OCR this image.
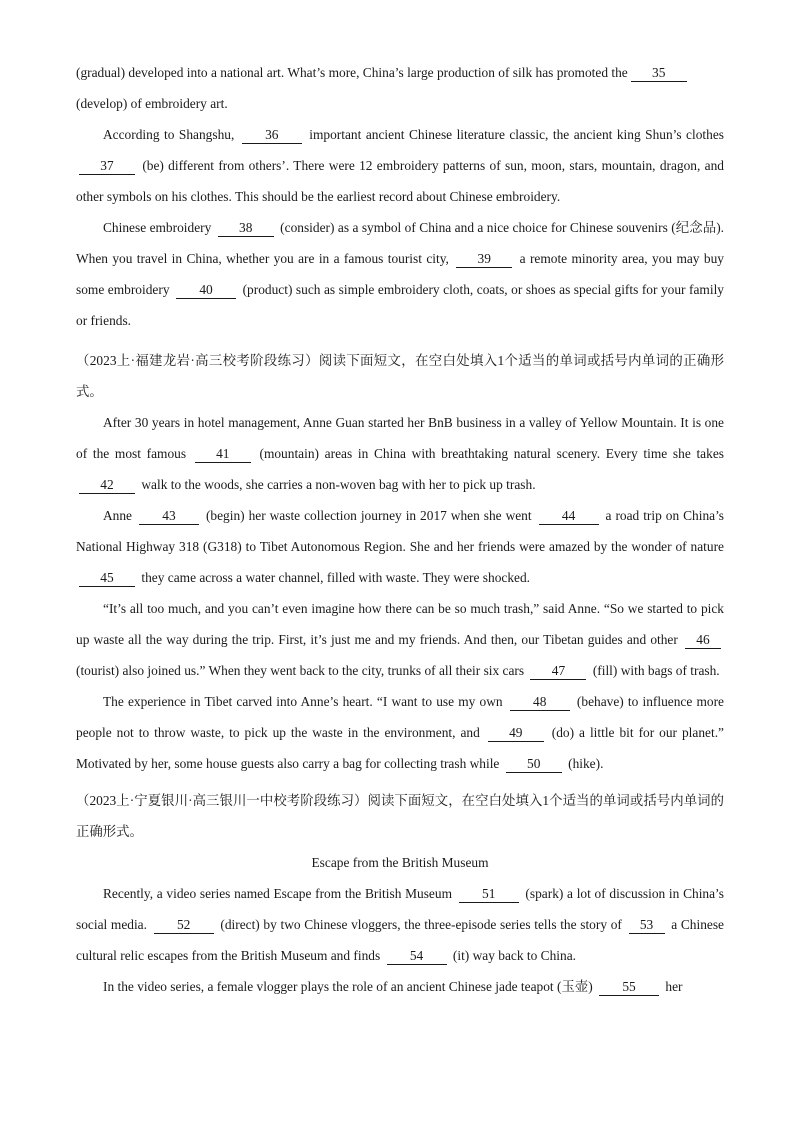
(gradual) developed into a national art. What’s more, China’s large production of silk has promoted the 35
(develop) of embroidery art.

According to Shangshu, 36 important ancient Chinese literature classic, the ancient king Shun’s clothes 37 (be) different from others’. There were 12 embroidery patterns of sun, moon, stars, mountain, dragon, and other symbols on his clothes. This should be the earliest record about Chinese embroidery.

Chinese embroidery 38 (consider) as a symbol of China and a nice choice for Chinese souvenirs (纪念品). When you travel in China, whether you are in a famous tourist city, 39 a remote minority area, you may buy some embroidery 40 (product) such as simple embroidery cloth, coats, or shoes as special gifts for your family or friends.

（2023上·福建龙岩·高三校考阶段练习）阅读下面短文，在空白处填入1个适当的单词或括号内单词的正确形式。

After 30 years in hotel management, Anne Guan started her BnB business in a valley of Yellow Mountain. It is one of the most famous 41 (mountain) areas in China with breathtaking natural scenery. Every time she takes 42 walk to the woods, she carries a non-woven bag with her to pick up trash.

Anne 43 (begin) her waste collection journey in 2017 when she went 44 a road trip on China’s National Highway 318 (G318) to Tibet Autonomous Region. She and her friends were amazed by the wonder of nature 45 they came across a water channel, filled with waste. They were shocked.

“It’s all too much, and you can’t even imagine how there can be so much trash,” said Anne. “So we started to pick up waste all the way during the trip. First, it’s just me and my friends. And then, our Tibetan guides and other 46 (tourist) also joined us.” When they went back to the city, trunks of all their six cars 47 (fill) with bags of trash.

The experience in Tibet carved into Anne’s heart. “I want to use my own 48 (behave) to influence more people not to throw waste, to pick up the waste in the environment, and 49 (do) a little bit for our planet.” Motivated by her, some house guests also carry a bag for collecting trash while 50 (hike).

（2023上·宁夏银川·高三银川一中校考阶段练习）阅读下面短文，在空白处填入1个适当的单词或括号内单词的正确形式。

Escape from the British Museum

Recently, a video series named Escape from the British Museum 51 (spark) a lot of discussion in China’s social media. 52 (direct) by two Chinese vloggers, the three-episode series tells the story of 53 a Chinese cultural relic escapes from the British Museum and finds 54 (it) way back to China.

In the video series, a female vlogger plays the role of an ancient Chinese jade teapot (玉壶) 55 her
